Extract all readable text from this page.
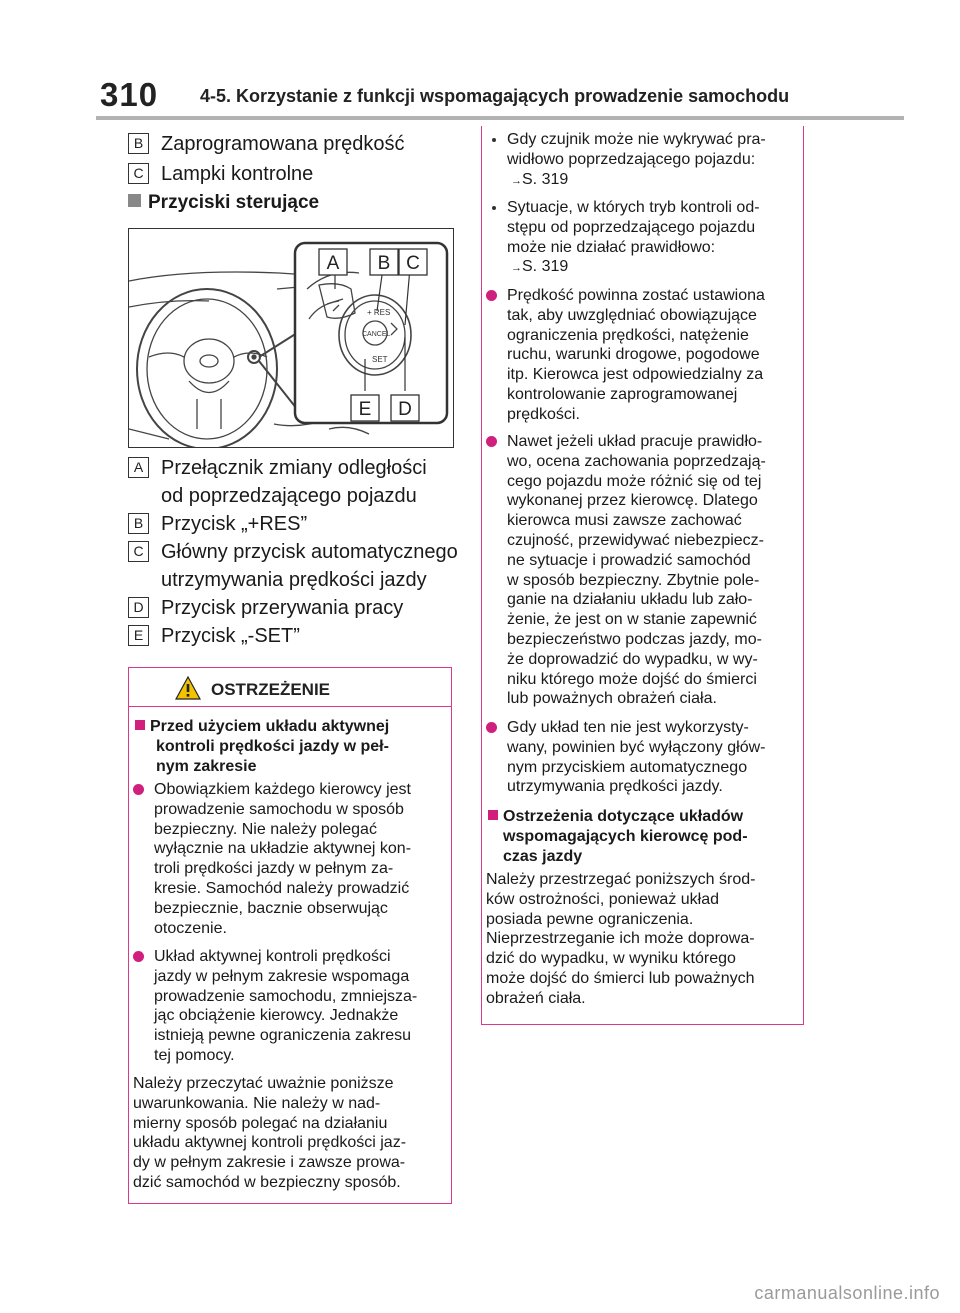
310 4-5. Korzystanie z funkcji wspomagających prowadzenie samochodu
B Zaprogramowana prędkość
C Lampki kontrolne
Przyciski sterujące
+ RES
CANCEL
SET
A B C
E D
A Przełącznik zmiany odległości
od poprzedzającego pojazdu
B Przycisk „+RES”
C Główny przycisk automatycznego
utrzymywania prędkości jazdy
D Przycisk przerywania pracy
E Przycisk „-SET”
OSTRZEŻENIE
Przed użyciem układu aktywnej
kontroli prędkości jazdy w peł-
nym zakresie
Obowiązkiem każdego kierowcy jest
prowadzenie samochodu w sposób
bezpieczny. Nie należy polegać
wyłącznie na układzie aktywnej kon-
troli prędkości jazdy w pełnym za-
kresie. Samochód należy prowadzić
bezpiecznie, bacznie obserwując
otoczenie.
Układ aktywnej kontroli prędkości
jazdy w pełnym zakresie wspomaga
prowadzenie samochodu, zmniejsza-
jąc obciążenie kierowcy. Jednakże
istnieją pewne ograniczenia zakresu
tej pomocy.
Należy przeczytać uważnie poniższe
uwarunkowania. Nie należy w nad-
mierny sposób polegać na działaniu
układu aktywnej kontroli prędkości jaz-
dy w pełnym zakresie i zawsze prowa-
dzić samochód w bezpieczny sposób.
Gdy czujnik może nie wykrywać pra-
widłowo poprzedzającego pojazdu:
→S. 319
Sytuacje, w których tryb kontroli od-
stępu od poprzedzającego pojazdu
może nie działać prawidłowo:
→S. 319
Prędkość powinna zostać ustawiona
tak, aby uwzględniać obowiązujące
ograniczenia prędkości, natężenie
ruchu, warunki drogowe, pogodowe
itp. Kierowca jest odpowiedzialny za
kontrolowanie zaprogramowanej
prędkości.
Nawet jeżeli układ pracuje prawidło-
wo, ocena zachowania poprzedzają-
cego pojazdu może różnić się od tej
wykonanej przez kierowcę. Dlatego
kierowca musi zawsze zachować
czujność, przewidywać niebezpiecz-
ne sytuacje i prowadzić samochód
w sposób bezpieczny. Zbytnie pole-
ganie na działaniu układu lub zało-
żenie, że jest on w stanie zapewnić
bezpieczeństwo podczas jazdy, mo-
że doprowadzić do wypadku, w wy-
niku którego może dojść do śmierci
lub poważnych obrażeń ciała.
Gdy układ ten nie jest wykorzysty-
wany, powinien być wyłączony głów-
nym przyciskiem automatycznego
utrzymywania prędkości jazdy.
Ostrzeżenia dotyczące układów
wspomagających kierowcę pod-
czas jazdy
Należy przestrzegać poniższych środ-
ków ostrożności, ponieważ układ
posiada pewne ograniczenia.
Nieprzestrzeganie ich może doprowa-
dzić do wypadku, w wyniku którego
może dojść do śmierci lub poważnych
obrażeń ciała.
carmanualsonline.info
